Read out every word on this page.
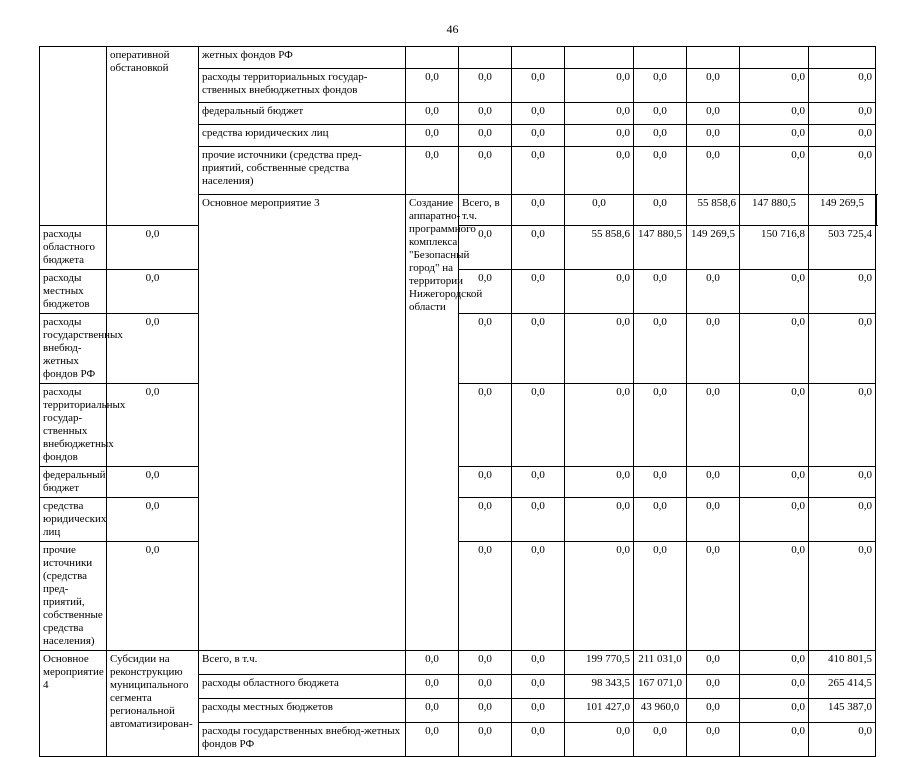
46
	оперативной обстановкой	жетных фондов РФ									
		расходы территориальных государ-ственных внебюджетных фондов	0,0	0,0	0,0	0,0	0,0	0,0	0,0	0,0	
		федеральный бюджет	0,0	0,0	0,0	0,0	0,0	0,0	0,0	0,0	
		средства юридических лиц	0,0	0,0	0,0	0,0	0,0	0,0	0,0	0,0	
		прочие источники (средства пред-приятий, собственные средства населения)	0,0	0,0	0,0	0,0	0,0	0,0	0,0	0,0	
		Основное мероприятие 3	Создание аппаратно-программного комплекса "Безопасный город" на территории Нижегородской области	Всего, в т.ч.	0,0	0,0	0,0	55 858,6	147 880,5	149 269,5		
расходы областного бюджета	0,0			0,0	0,0	55 858,6	147 880,5	149 269,5	150 716,8	503 725,4	
расходы местных бюджетов	0,0			0,0	0,0	0,0	0,0	0,0	0,0	0,0	
расходы государственных внебюд-жетных фондов РФ	0,0			0,0	0,0	0,0	0,0	0,0	0,0	0,0	
расходы территориальных государ-ственных внебюджетных фондов	0,0			0,0	0,0	0,0	0,0	0,0	0,0	0,0	
федеральный бюджет	0,0			0,0	0,0	0,0	0,0	0,0	0,0	0,0	
средства юридических лиц	0,0			0,0	0,0	0,0	0,0	0,0	0,0	0,0	
прочие источники (средства пред-приятий, собственные средства населения)	0,0			0,0	0,0	0,0	0,0	0,0	0,0	0,0	
Основное мероприятие 4	Субсидии на реконструкцию муниципального сегмента региональной автоматизирован-	Всего, в т.ч.	0,0	0,0	0,0	199 770,5	211 031,0	0,0	0,0	410 801,5	
		расходы областного бюджета	0,0	0,0	0,0	98 343,5	167 071,0	0,0	0,0	265 414,5	
		расходы местных бюджетов	0,0	0,0	0,0	101 427,0	43 960,0	0,0	0,0	145 387,0	
		расходы государственных внебюд-жетных фондов РФ	0,0	0,0	0,0	0,0	0,0	0,0	0,0	0,0	
